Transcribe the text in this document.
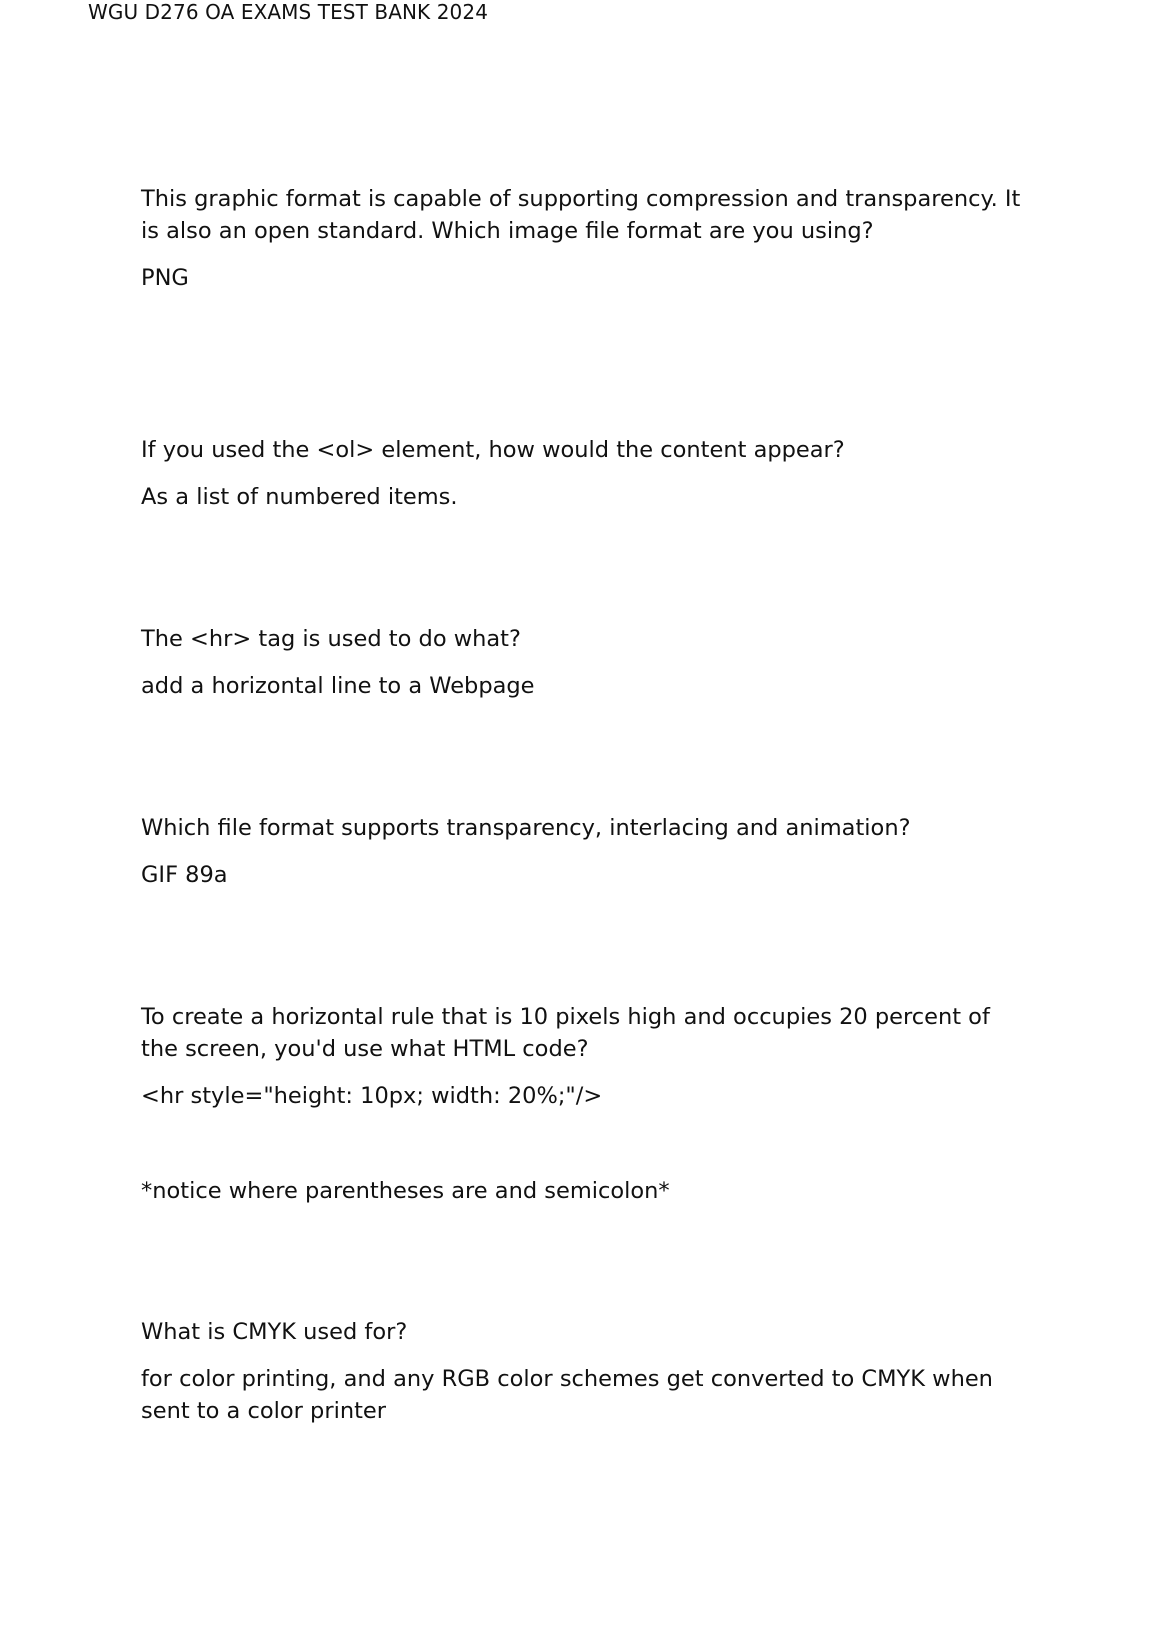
WGU D276 OA EXAMS TEST BANK 2024

This graphic format is capable of supporting compression and transparency. It is also an open standard. Which image file format are you using?

PNG

If you used the <ol> element, how would the content appear?

As a list of numbered items.

The <hr> tag is used to do what?

add a horizontal line to a Webpage

Which file format supports transparency, interlacing and animation?

GIF 89a

To create a horizontal rule that is 10 pixels high and occupies 20 percent of the screen, you'd use what HTML code?

<hr style="height: 10px; width: 20%;"/>

*notice where parentheses are and semicolon*

What is CMYK used for?

for color printing, and any RGB color schemes get converted to CMYK when sent to a color printer
